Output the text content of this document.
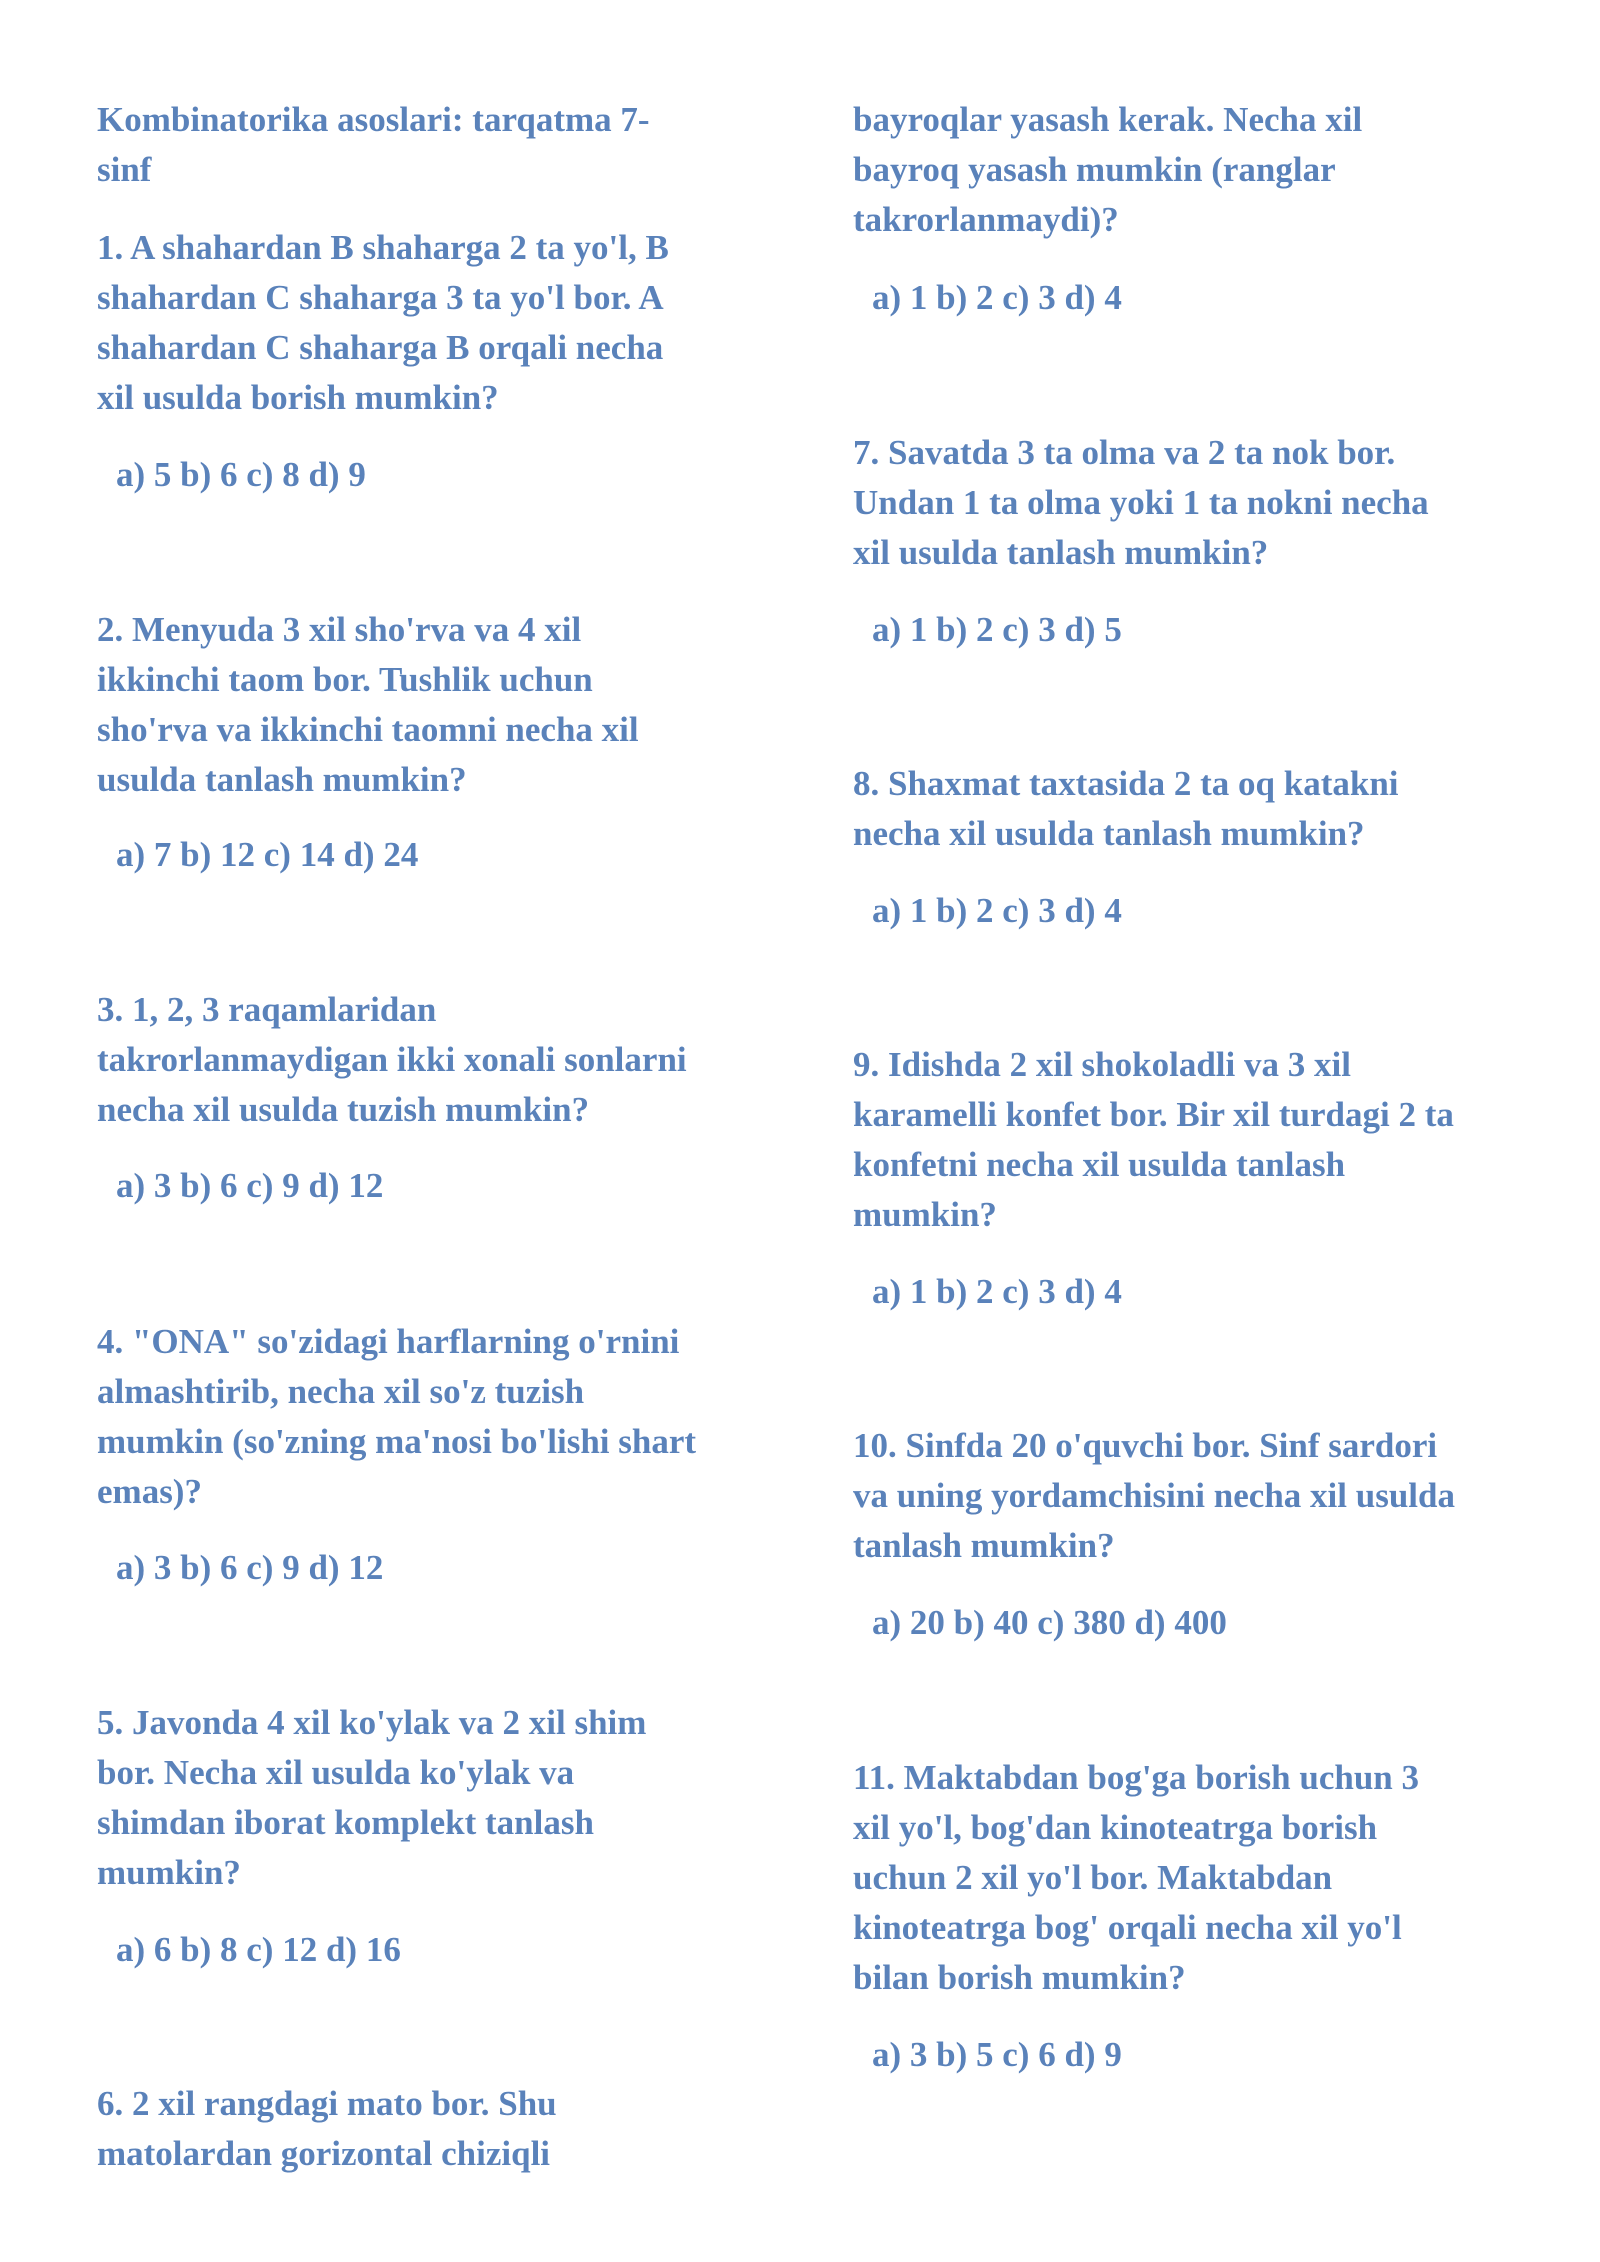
Kombinatorika asoslari: tarqatma 7-
sinf
1. A shahardan B shaharga 2 ta yo'l, B
shahardan C shaharga 3 ta yo'l bor. A
shahardan C shaharga B orqali necha
xil usulda borish mumkin?
a) 5 b) 6 c) 8 d) 9
2. Menyuda 3 xil sho'rva va 4 xil
ikkinchi taom bor. Tushlik uchun
sho'rva va ikkinchi taomni necha xil
usulda tanlash mumkin?
a) 7 b) 12 c) 14 d) 24
3. 1, 2, 3 raqamlaridan
takrorlanmaydigan ikki xonali sonlarni
necha xil usulda tuzish mumkin?
a) 3 b) 6 c) 9 d) 12
4. "ONA" so'zidagi harflarning o'rnini
almashtirib, necha xil so'z tuzish
mumkin (so'zning ma'nosi bo'lishi shart
emas)?
a) 3 b) 6 c) 9 d) 12
5. Javonda 4 xil ko'ylak va 2 xil shim
bor. Necha xil usulda ko'ylak va
shimdan iborat komplekt tanlash
mumkin?
a) 6 b) 8 c) 12 d) 16
6. 2 xil rangdagi mato bor. Shu
matolardan gorizontal chiziqli
bayroqlar yasash kerak. Necha xil
bayroq yasash mumkin (ranglar
takrorlanmaydi)?
a) 1 b) 2 c) 3 d) 4
7. Savatda 3 ta olma va 2 ta nok bor.
Undan 1 ta olma yoki 1 ta nokni necha
xil usulda tanlash mumkin?
a) 1 b) 2 c) 3 d) 5
8. Shaxmat taxtasida 2 ta oq katakni
necha xil usulda tanlash mumkin?
a) 1 b) 2 c) 3 d) 4
9. Idishda 2 xil shokoladli va 3 xil
karamelli konfet bor. Bir xil turdagi 2 ta
konfetni necha xil usulda tanlash
mumkin?
a) 1 b) 2 c) 3 d) 4
10. Sinfda 20 o'quvchi bor. Sinf sardori
va uning yordamchisini necha xil usulda
tanlash mumkin?
a) 20 b) 40 c) 380 d) 400
11. Maktabdan bog'ga borish uchun 3
xil yo'l, bog'dan kinoteatrga borish
uchun 2 xil yo'l bor. Maktabdan
kinoteatrga bog' orqali necha xil yo'l
bilan borish mumkin?
a) 3 b) 5 c) 6 d) 9
